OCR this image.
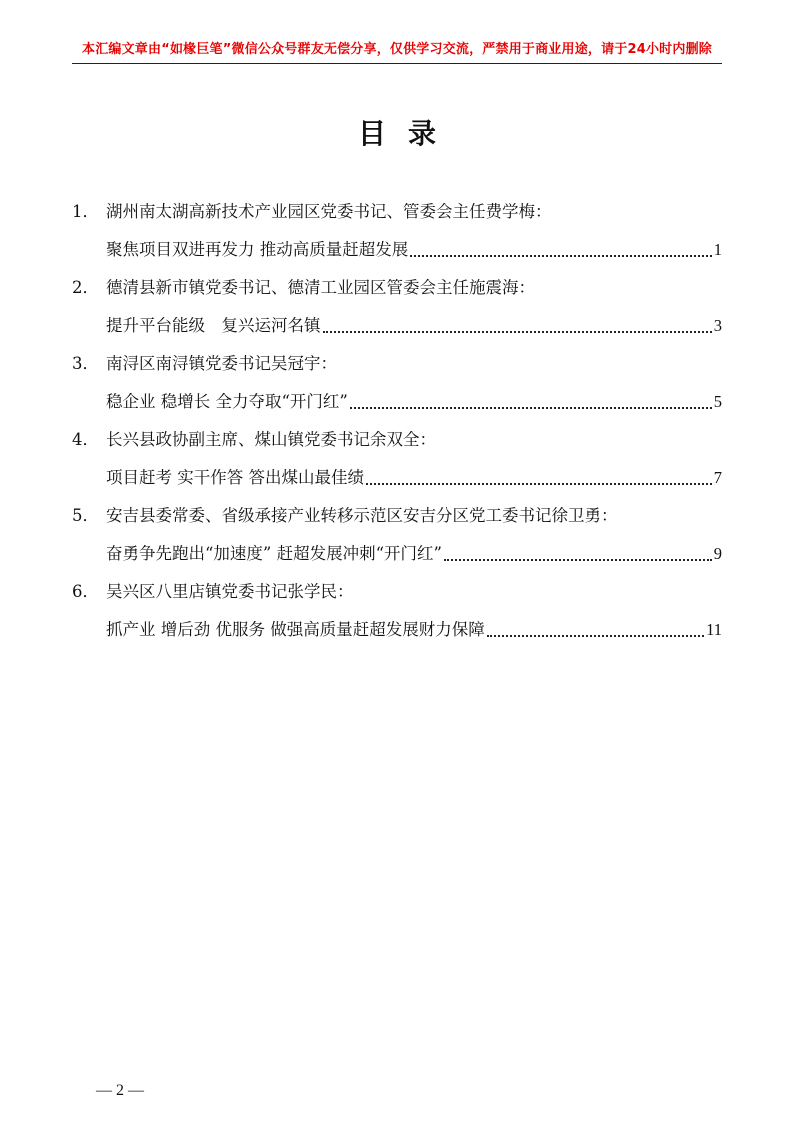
本汇编文章由“如椽巨笔”微信公众号群友无偿分享，仅供学习交流，严禁用于商业用途，请于24小时内删除
目录
1． 湖州南太湖高新技术产业园区党委书记、管委会主任费学梅：
聚焦项目双进再发力 推动高质量赶超发展	1
2． 德清县新市镇党委书记、德清工业园区管委会主任施震海：
提升平台能级　复兴运河名镇	3
3． 南浔区南浔镇党委书记吴冠宇：
稳企业 稳增长 全力夺取“开门红”	5
4． 长兴县政协副主席、煤山镇党委书记余双全：
项目赶考 实干作答 答出煤山最佳绩	7
5． 安吉县委常委、省级承接产业转移示范区安吉分区党工委书记徐卫勇：
奋勇争先跑出“加速度” 赶超发展冲刺“开门红”	9
6． 吴兴区八里店镇党委书记张学民：
抓产业 增后劲 优服务 做强高质量赶超发展财力保障	11
— 2 —
